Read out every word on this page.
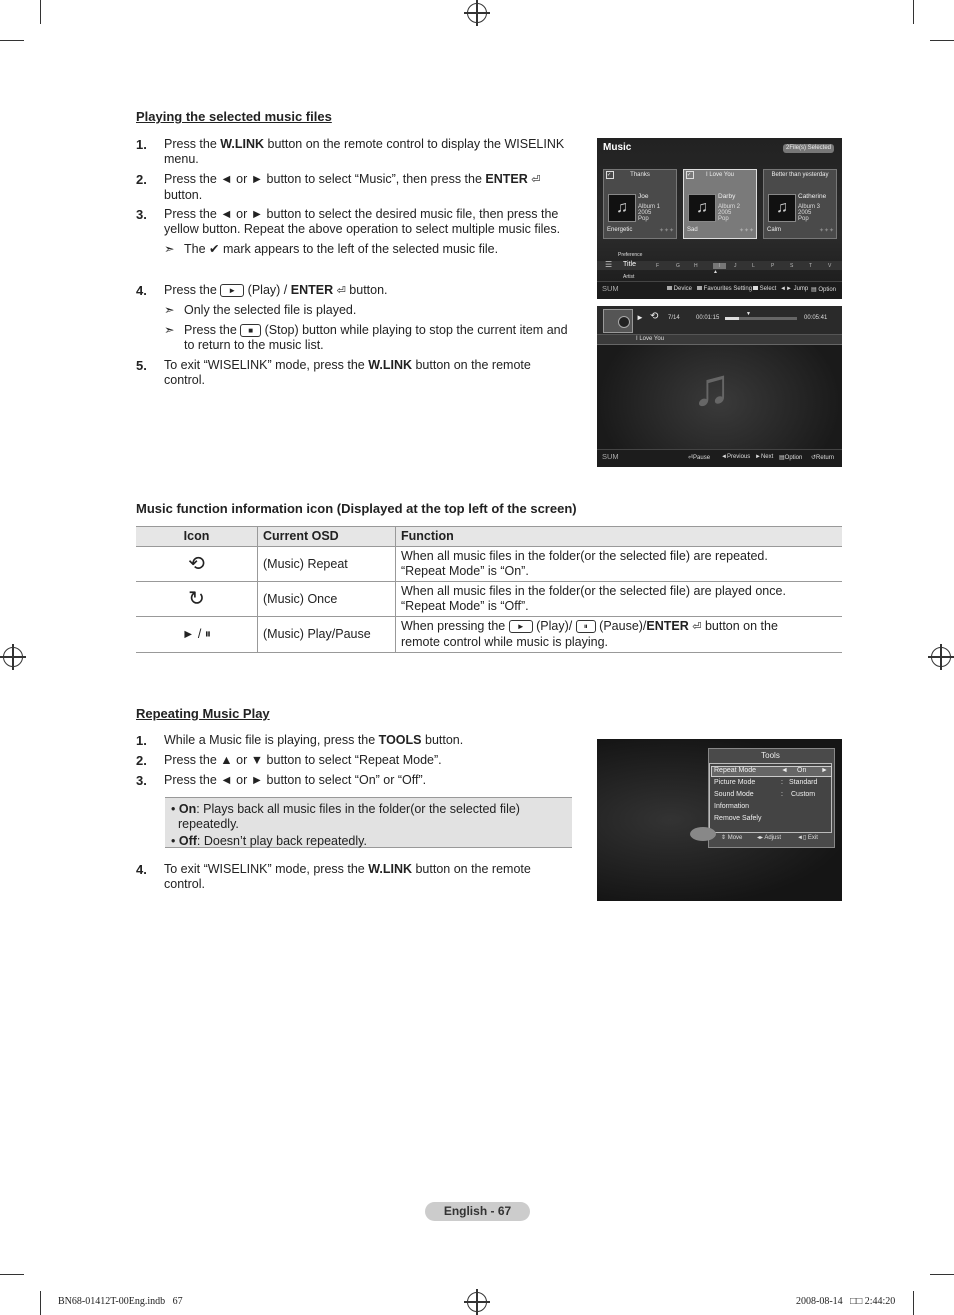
Playing the selected music files
1. Press the W.LINK button on the remote control to display the WISELINK
menu.
2. Press the ◄ or ► button to select “Music”, then press the ENTER ⏎
button.
3. Press the ◄ or ► button to select the desired music file, then press the
yellow button. Repeat the above operation to select multiple music files.
➣ The ✔ mark appears to the left of the selected music file.
4. Press the ► (Play) / ENTER ⏎ button.
➣ Only the selected file is played.
➣ Press the ■ (Stop) button while playing to stop the current item and
to return to the music list.
5. To exit “WISELINK” mode, press the W.LINK button on the remote
control.
Music	2File(s) Selected
Thanks
✓
♫
Joe
Album 1
2005
Pop
Energetic	✦✦✦
I Love You
✓
♫
Darby
Album 2
2005
Pop
Sad	✦✦✦
Better than yesterday
♫
Catherine
Album 3
2005
Pop
Calm	✦✦✦
☰
Preference
Title
Artist
F	G	H	I	J	L	P	S	T	V
▲
SUM	Device	Favourites Setting	Select ◄► Jump ▤ Option
► ⟲ 7/14	00:01:15
▼
00:05:41
I Love You
♫
SUM	⏎Pause ◄Previous ►Next ▤Option ↺Return
Music function information icon (Displayed at the top left of the screen)
Icon	Current OSD	Function
⟲	(Music) Repeat	When all music files in the folder(or the selected file) are repeated.
“Repeat Mode” is “On”.
↻	(Music) Once	When all music files in the folder(or the selected file) are played once.
“Repeat Mode” is “Off”.
► / ⏸	(Music) Play/Pause	When pressing the ► (Play)/ ⏸ (Pause)/ENTER ⏎ button on the
remote control while music is playing.
Repeating Music Play
1. While a Music file is playing, press the TOOLS button.
2. Press the ▲ or ▼ button to select “Repeat Mode”.
3. Press the ◄ or ► button to select “On” or “Off”.
• On: Plays back all music files in the folder(or the selected file)
repeatedly.
• Off: Doesn’t play back repeatedly.
4. To exit “WISELINK” mode, press the W.LINK button on the remote
control.
Tools
Repeat Mode	◄ On ►
Picture Mode	: Standard
Sound Mode	: Custom
Information
Remove Safely
⇕ Move ◂▸ Adjust	◄▯ Exit
English - 67
BN68-01412T-00Eng.indb   67	2008-08-14   □□ 2:44:20
